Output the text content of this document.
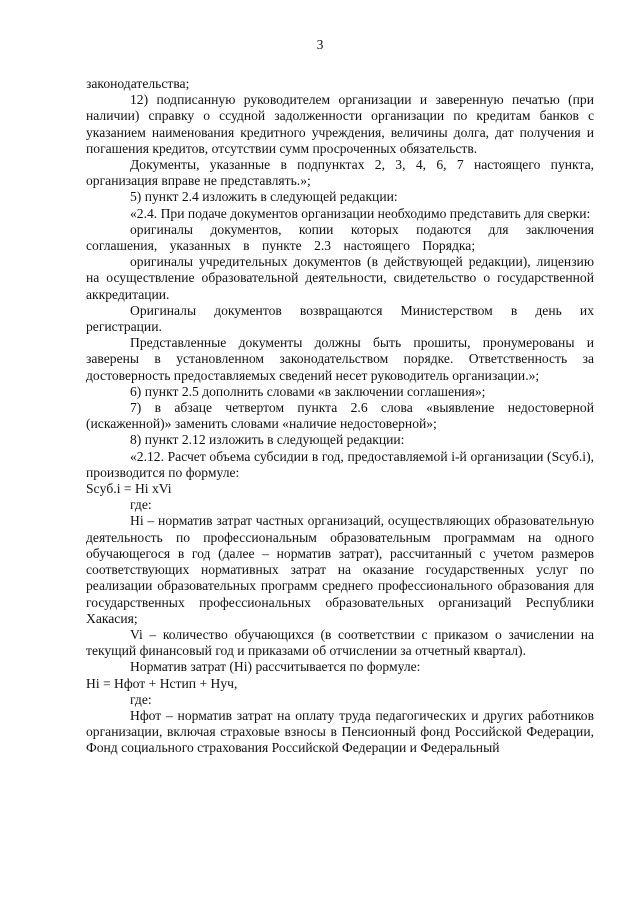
3

законодательства;

12) подписанную руководителем организации и заверенную печатью (при наличии) справку о ссудной задолженности организации по кредитам банков с указанием наименования кредитного учреждения, величины долга, дат получения и погашения кредитов, отсутствии сумм просроченных обязательств.

Документы, указанные в подпунктах 2, 3, 4, 6, 7 настоящего пункта, организация вправе не представлять.»;

5) пункт 2.4 изложить в следующей редакции:

«2.4. При подаче документов организации необходимо представить для сверки:

оригиналы документов, копии которых подаются для заключения соглашения, указанных в пункте 2.3 настоящего Порядка;

оригиналы учредительных документов (в действующей редакции), лицензию на осуществление образовательной деятельности, свидетельство о государственной аккредитации.

Оригиналы документов возвращаются Министерством в день их регистрации.

Представленные документы должны быть прошиты, пронумерованы и заверены в установленном законодательством порядке. Ответственность за достоверность предоставляемых сведений несет руководитель организации.»;

6) пункт 2.5 дополнить словами «в заключении соглашения»;

7) в абзаце четвертом пункта 2.6 слова «выявление недостоверной (искаженной)» заменить словами «наличие недостоверной»;

8) пункт 2.12 изложить в следующей редакции:

«2.12. Расчет объема субсидии в год, предоставляемой i-й организации (Scyб.i), производится по формуле:

Scyб.i = Hi xVi

где:

Hi – норматив затрат частных организаций, осуществляющих образовательную деятельность по профессиональным образовательным программам на одного обучающегося в год (далее – норматив затрат), рассчитанный с учетом размеров соответствующих нормативных затрат на оказание государственных услуг по реализации образовательных программ среднего профессионального образования для государственных профессиональных образовательных организаций Республики Хакасия;

Vi – количество обучающихся (в соответствии с приказом о зачислении на текущий финансовый год и приказами об отчислении за отчетный квартал).

Норматив затрат (Hi) рассчитывается по формуле:

Hi = Hфот + Hстип + Hуч,

где:

Hфот – норматив затрат на оплату труда педагогических и других работников организации, включая страховые взносы в Пенсионный фонд Российской Федерации, Фонд социального страхования Российской Федерации и Федеральный
